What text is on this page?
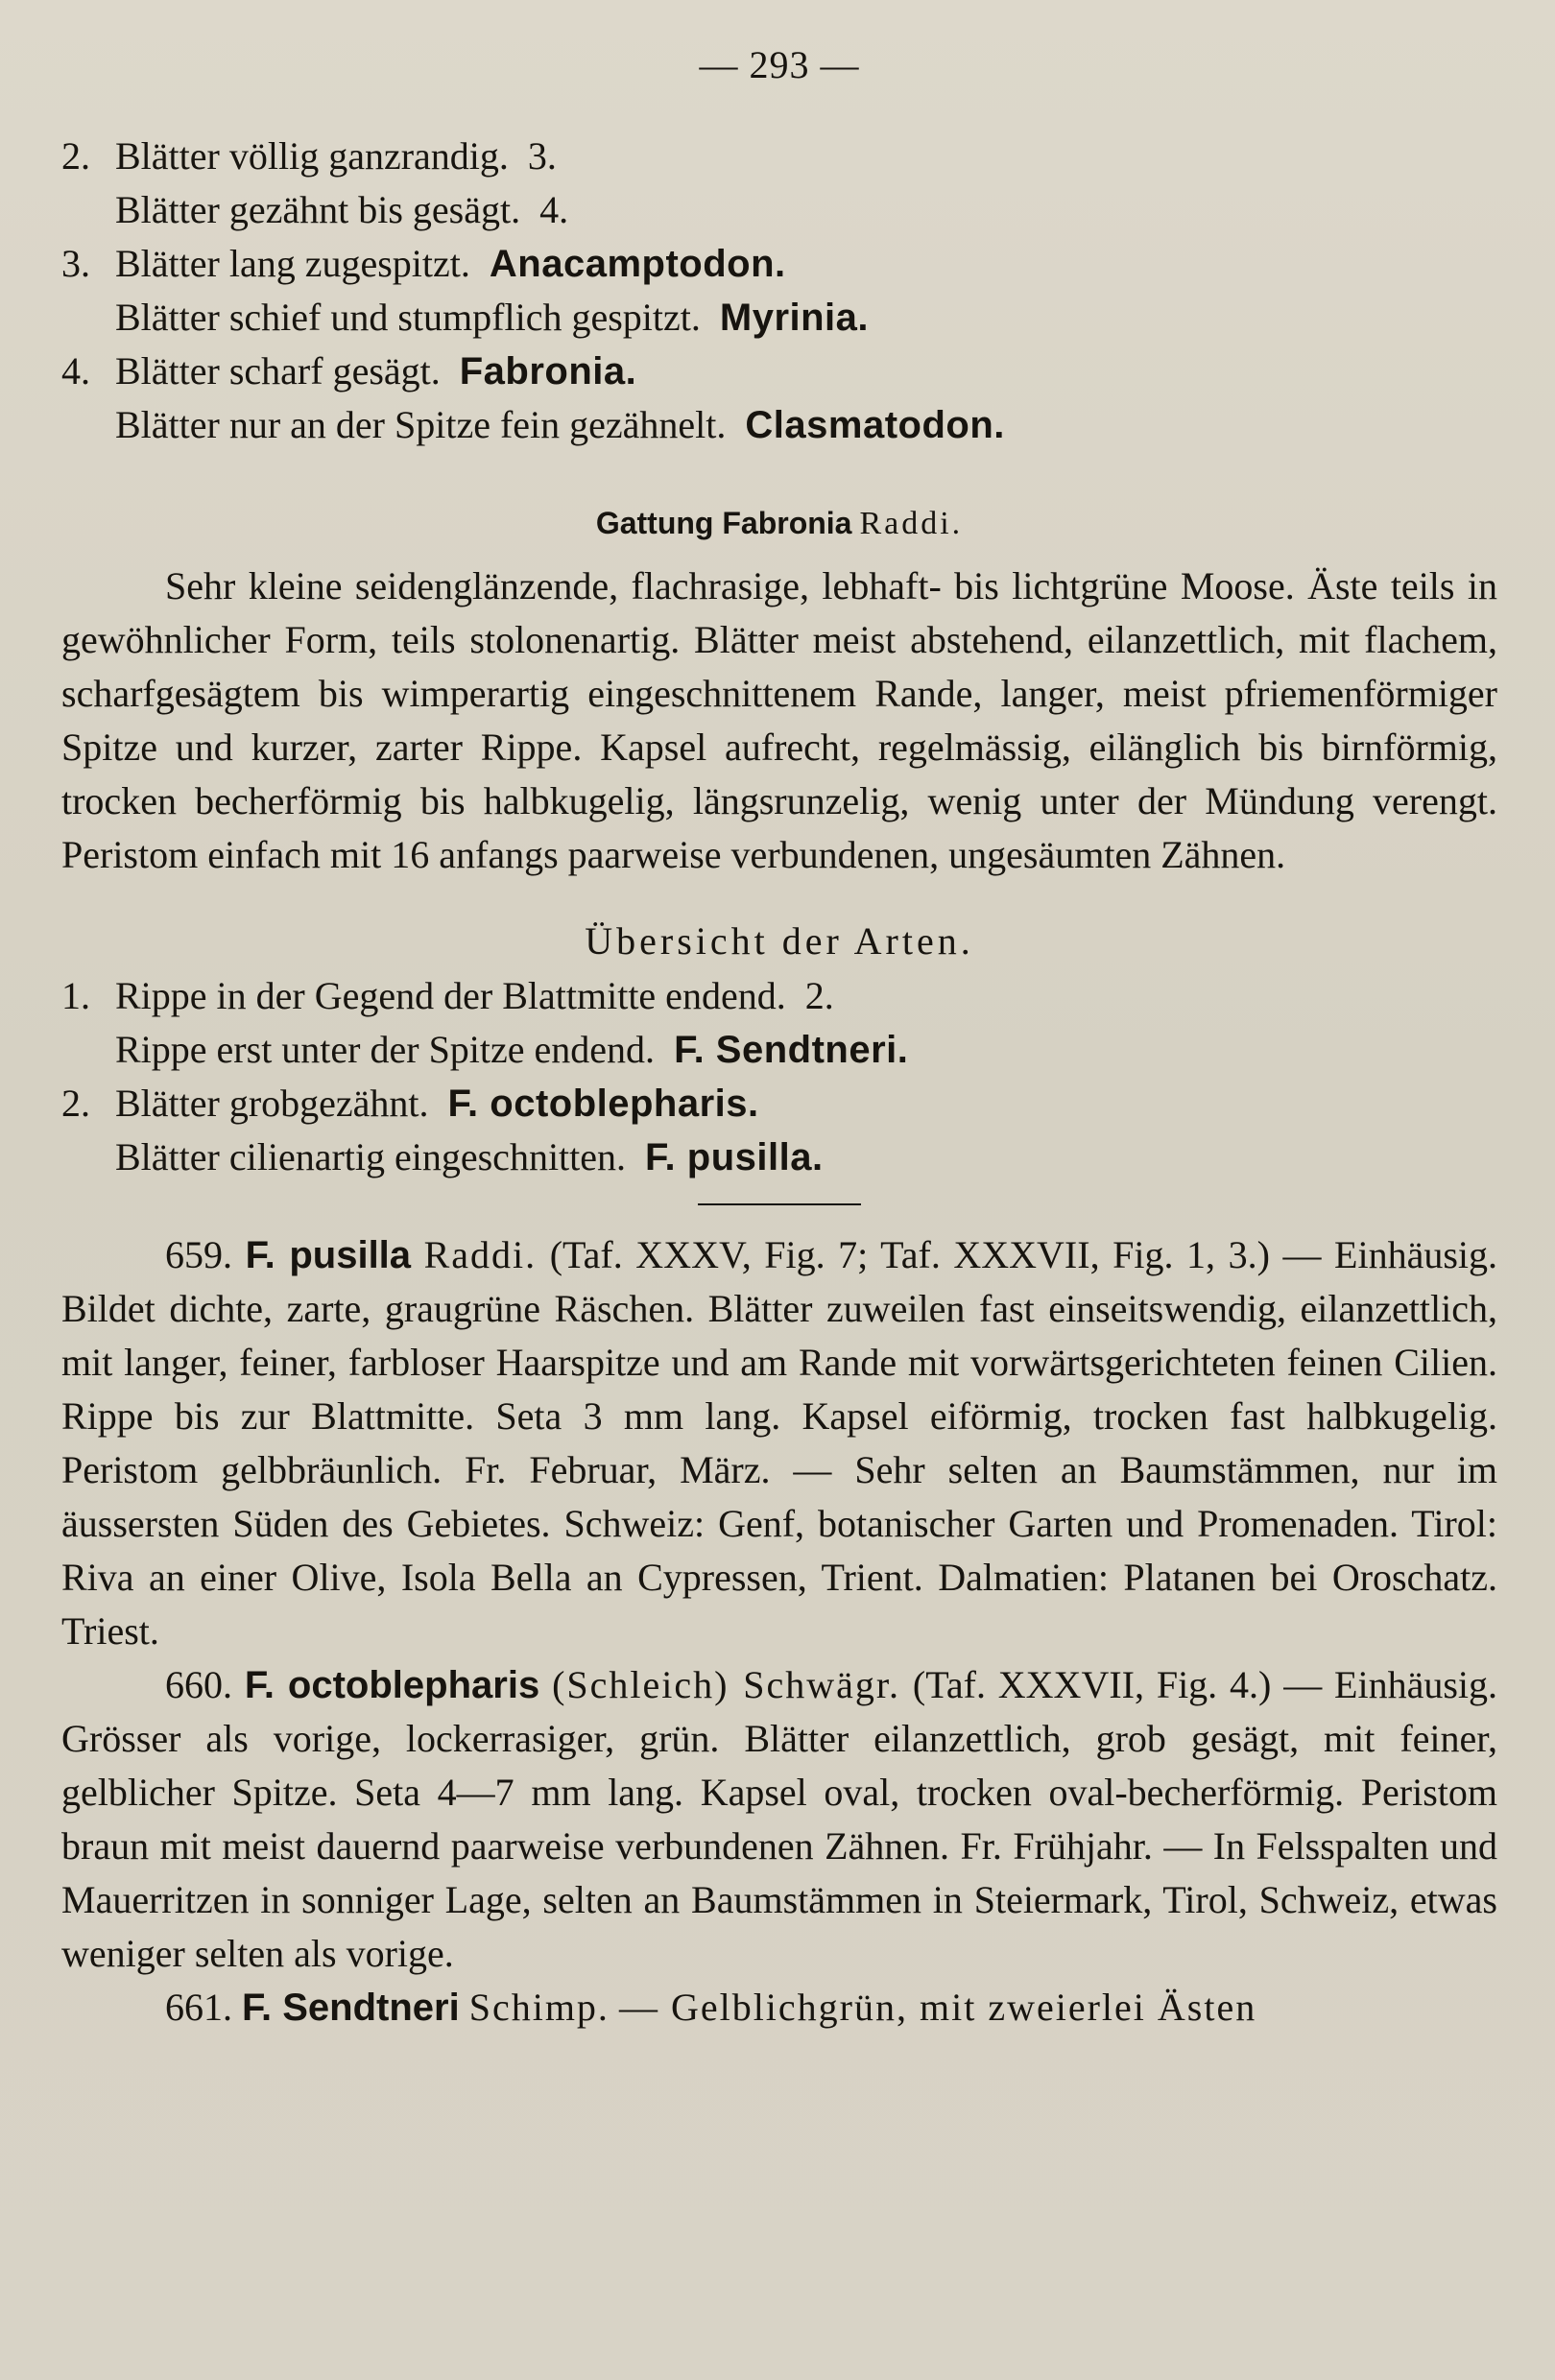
— 293 —
2. Blätter völlig ganzrandig. 3.
Blätter gezähnt bis gesägt. 4.
3. Blätter lang zugespitzt. Anacamptodon.
Blätter schief und stumpflich gespitzt. Myrinia.
4. Blätter scharf gesägt. Fabronia.
Blätter nur an der Spitze fein gezähnelt. Clasmatodon.
Gattung Fabronia Raddi.

Sehr kleine seidenglänzende, flachrasige, lebhaft- bis lichtgrüne Moose. Äste teils in gewöhnlicher Form, teils stolonenartig. Blätter meist abstehend, eilanzettlich, mit flachem, scharfgesägtem bis wimperartig eingeschnittenem Rande, langer, meist pfriemenförmiger Spitze und kurzer, zarter Rippe. Kapsel aufrecht, regelmässig, eilänglich bis birnförmig, trocken becherförmig bis halbkugelig, längsrunzelig, wenig unter der Mündung verengt. Peristom einfach mit 16 anfangs paarweise verbundenen, ungesäumten Zähnen.

Übersicht der Arten.
1. Rippe in der Gegend der Blattmitte endend. 2.
Rippe erst unter der Spitze endend. F. Sendtneri.
2. Blätter grobgezähnt. F. octoblepharis.
Blätter cilienartig eingeschnitten. F. pusilla.

659. F. pusilla Raddi. (Taf. XXXV, Fig. 7; Taf. XXXVII, Fig. 1, 3.) — Einhäusig. Bildet dichte, zarte, graugrüne Räschen. Blätter zuweilen fast einseitswendig, eilanzettlich, mit langer, feiner, farbloser Haarspitze und am Rande mit vorwärtsgerichteten feinen Cilien. Rippe bis zur Blattmitte. Seta 3 mm lang. Kapsel eiförmig, trocken fast halbkugelig. Peristom gelbbräunlich. Fr. Februar, März. — Sehr selten an Baumstämmen, nur im äussersten Süden des Gebietes. Schweiz: Genf, botanischer Garten und Promenaden. Tirol: Riva an einer Olive, Isola Bella an Cypressen, Trient. Dalmatien: Platanen bei Oroschatz. Triest.

660. F. octoblepharis (Schleich) Schwägr. (Taf. XXXVII, Fig. 4.) — Einhäusig. Grösser als vorige, lockerrasiger, grün. Blätter eilanzettlich, grob gesägt, mit feiner, gelblicher Spitze. Seta 4—7 mm lang. Kapsel oval, trocken oval-becherförmig. Peristom braun mit meist dauernd paarweise verbundenen Zähnen. Fr. Frühjahr. — In Felsspalten und Mauerritzen in sonniger Lage, selten an Baumstämmen in Steiermark, Tirol, Schweiz, etwas weniger selten als vorige.

661. F. Sendtneri Schimp. — Gelblichgrün, mit zweierlei Ästen
